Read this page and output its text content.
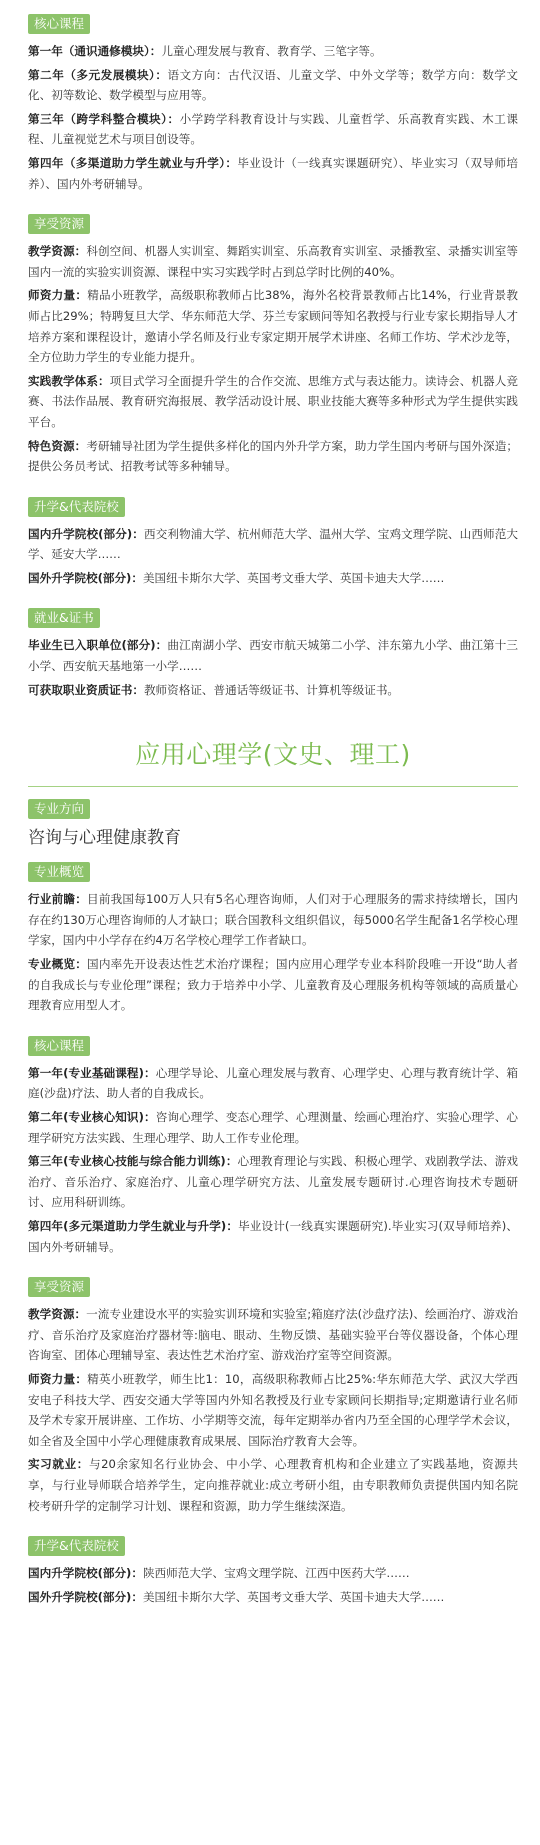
核心课程

第一年（通识通修模块）：儿童心理发展与教育、教育学、三笔字等。

第二年（多元发展模块）：语文方向：古代汉语、儿童文学、中外文学等；数学方向：数学文化、初等数论、数学模型与应用等。

第三年（跨学科整合模块）：小学跨学科教育设计与实践、儿童哲学、乐高教育实践、木工课程、儿童视觉艺术与项目创设等。

第四年（多渠道助力学生就业与升学）：毕业设计（一线真实课题研究）、毕业实习（双导师培养）、国内外考研辅导。

享受资源

教学资源：科创空间、机器人实训室、舞蹈实训室、乐高教育实训室、录播教室、录播实训室等国内一流的实验实训资源、课程中实习实践学时占到总学时比例的40%。

师资力量：精品小班教学，高级职称教师占比38%，海外名校背景教师占比14%，行业背景教师占比29%；特聘复旦大学、华东师范大学、芬兰专家顾问等知名教授与行业专家长期指导人才培养方案和课程设计，邀请小学名师及行业专家定期开展学术讲座、名师工作坊、学术沙龙等，全方位助力学生的专业能力提升。

实践教学体系：项目式学习全面提升学生的合作交流、思维方式与表达能力。读诗会、机器人竞赛、书法作品展、教育研究海报展、教学活动设计展、职业技能大赛等多种形式为学生提供实践平台。

特色资源：考研辅导社团为学生提供多样化的国内外升学方案，助力学生国内考研与国外深造；提供公务员考试、招教考试等多种辅导。

升学&代表院校

国内升学院校(部分)：西交利物浦大学、杭州师范大学、温州大学、宝鸡文理学院、山西师范大学、延安大学……

国外升学院校(部分)：美国纽卡斯尔大学、英国考文垂大学、英国卡迪夫大学……

就业&证书

毕业生已入职单位(部分)：曲江南湖小学、西安市航天城第二小学、沣东第九小学、曲江第十三小学、西安航天基地第一小学……

可获取职业资质证书：教师资格证、普通话等级证书、计算机等级证书。

应用心理学(文史、理工)
专业方向
咨询与心理健康教育
专业概览

行业前瞻：目前我国每100万人只有5名心理咨询师，人们对于心理服务的需求持续增长，国内存在约130万心理咨询师的人才缺口；联合国教科文组织倡议，每5000名学生配备1名学校心理学家，国内中小学存在约4万名学校心理学工作者缺口。

专业概览：国内率先开设表达性艺术治疗课程；国内应用心理学专业本科阶段唯一开设“助人者的自我成长与专业伦理”课程；致力于培养中小学、儿童教育及心理服务机构等领域的高质量心理教育应用型人才。

核心课程

第一年(专业基础课程)：心理学导论、儿童心理发展与教育、心理学史、心理与教育统计学、箱庭(沙盘)疗法、助人者的自我成长。

第二年(专业核心知识)：咨询心理学、变态心理学、心理测量、绘画心理治疗、实验心理学、心理学研究方法实践、生理心理学、助人工作专业伦理。

第三年(专业核心技能与综合能力训练)：心理教育理论与实践、积极心理学、戏剧教学法、游戏治疗、音乐治疗、家庭治疗、儿童心理学研究方法、儿童发展专题研讨.心理咨询技术专题研讨、应用科研训练。

第四年(多元渠道助力学生就业与升学)：毕业设计(一线真实课题研究).毕业实习(双导师培养)、国内外考研辅导。

享受资源

教学资源：一流专业建设水平的实验实训环境和实验室;箱庭疗法(沙盘疗法)、绘画治疗、游戏治疗、音乐治疗及家庭治疗器材等:脑电、眼动、生物反馈、基础实验平台等仪器设备，个体心理咨询室、团体心理辅导室、表达性艺术治疗室、游戏治疗室等空间资源。

师资力量：精英小班教学，师生比1：10，高级职称教师占比25%:华东师范大学、武汉大学西安电子科技大学、西安交通大学等国内外知名教授及行业专家顾问长期指导;定期邀请行业名师及学术专家开展讲座、工作坊、小学期等交流，每年定期举办省内乃至全国的心理学学术会议，如全省及全国中小学心理健康教育成果展、国际治疗教育大会等。

实习就业：与20余家知名行业协会、中小学、心理教育机构和企业建立了实践基地，资源共享，与行业导师联合培养学生，定向推荐就业:成立考研小组，由专职教师负责提供国内知名院校考研升学的定制学习计划、课程和资源，助力学生继续深造。

升学&代表院校

国内升学院校(部分)：陕西师范大学、宝鸡文理学院、江西中医药大学……

国外升学院校(部分)：美国纽卡斯尔大学、英国考文垂大学、英国卡迪夫大学……
